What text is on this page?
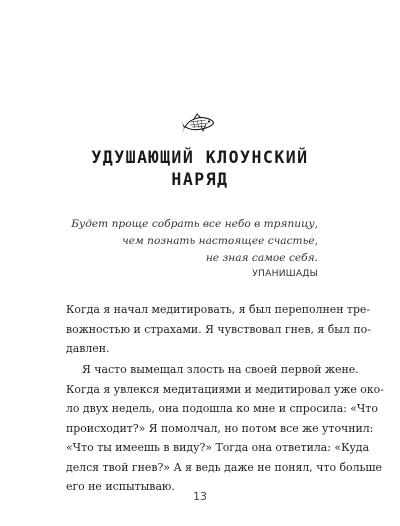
УДУШАЮЩИЙ КЛОУНСКИЙ
НАРЯД
Будет проще собрать все небо в тряпицу,
чем познать настоящее счастье,
не зная самое себя.
УПАНИШАДЫ
Когда я начал медитировать, я был переполнен тре-
вожностью и страхами. Я чувствовал гнев, я был по-
давлен.
Я часто вымещал злость на своей первой жене.
Когда я увлекся медитациями и медитировал уже око-
ло двух недель, она подошла ко мне и спросила: «Что
происходит?» Я помолчал, но потом все же уточнил:
«Что ты имеешь в виду?» Тогда она ответила: «Куда
делся твой гнев?» А я ведь даже не понял, что больше
его не испытываю.
13
